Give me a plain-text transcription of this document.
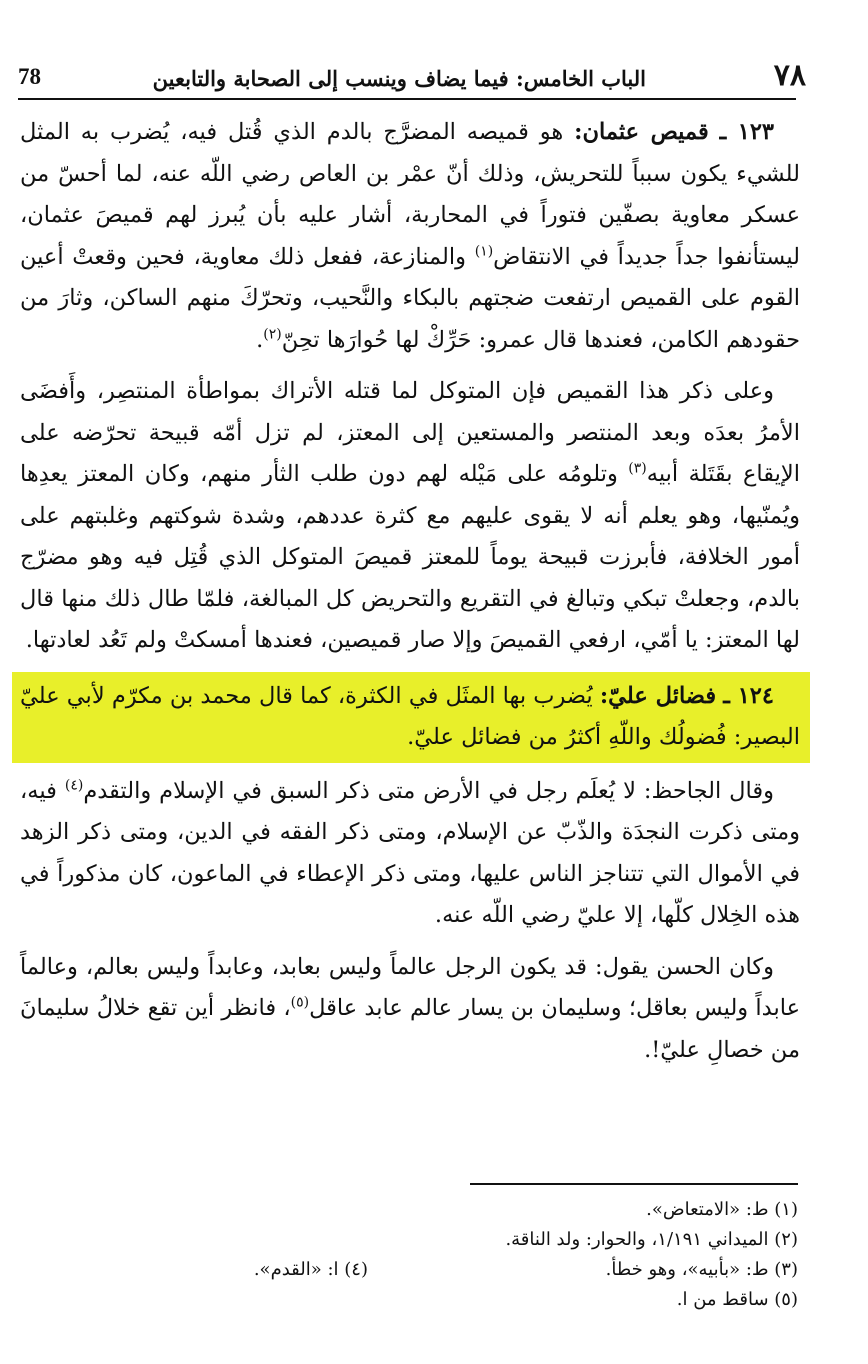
٧٨
الباب الخامس: فيما يضاف وينسب إلى الصحابة والتابعين
78

١٢٣ ـ قميص عثمان: هو قميصه المضرَّج بالدم الذي قُتل فيه، يُضرب به المثل للشيء يكون سبباً للتحريش، وذلك أنّ عمْر بن العاص رضي اللّه عنه، لما أحسّ من عسكر معاوية بصفّين فتوراً في المحاربة، أشار عليه بأن يُبرز لهم قميصَ عثمان، ليستأنفوا جداً جديداً في الانتقاض$^{(١)}$ والمنازعة، ففعل ذلك معاوية، فحين وقعتْ أعين القوم على القميص ارتفعت ضجتهم بالبكاء والنَّحيب، وتحرّكَ منهم الساكن، وثارَ من حقودهم الكامن، فعندها قال عمرو: حَرِّكْ لها حُوارَها تحِنّ$^{(٢)}$.

وعلى ذكر هذا القميص فإن المتوكل لما قتله الأتراك بمواطأة المنتصِر، وأَفضَى الأمرُ بعدَه وبعد المنتصر والمستعين إلى المعتز، لم تزل أمّه قبيحة تحرّضه على الإيقاع بقَتَلة أبيه$^{(٣)}$ وتلومُه على مَيْله لهم دون طلب الثأر منهم، وكان المعتز يعدِها ويُمنّيها، وهو يعلم أنه لا يقوى عليهم مع كثرة عددهم، وشدة شوكتهم وغلبتهم على أمور الخلافة، فأبرزت قبيحة يوماً للمعتز قميصَ المتوكل الذي قُتِل فيه وهو مضرّج بالدم، وجعلتْ تبكي وتبالغ في التقريع والتحريض كل المبالغة، فلمّا طال ذلك منها قال لها المعتز: يا أمّي، ارفعي القميصَ وإلا صار قميصين، فعندها أمسكتْ ولم تَعُد لعادتها.

١٢٤ ـ فضائل عليّ: يُضرب بها المثَل في الكثرة، كما قال محمد بن مكرّم لأبي عليّ البصير: فُضولُك واللّهِ أكثرُ من فضائل عليّ.

وقال الجاحظ: لا يُعلَم رجل في الأرض متى ذكر السبق في الإسلام والتقدم$^{(٤)}$ فيه، ومتى ذكرت النجدَة والذّبّ عن الإسلام، ومتى ذكر الفقه في الدين، ومتى ذكر الزهد في الأموال التي تتناجز الناس عليها، ومتى ذكر الإعطاء في الماعون، كان مذكوراً في هذه الخِلال كلّها، إلا عليّ رضي اللّه عنه.

وكان الحسن يقول: قد يكون الرجل عالماً وليس بعابد، وعابداً وليس بعالم، وعالماً عابداً وليس بعاقل؛ وسليمان بن يسار عالم عابد عاقل$^{(٥)}$، فانظر أين تقع خلالُ سليمانَ من خصالِ عليّ!.

(١) ط: «الامتعاض».
(٢) الميداني ١/١٩١، والحوار: ولد الناقة.
(٣) ط: «بأبيه»، وهو خطأ.
(٤) ا: «القدم».
(٥) ساقط من ا.
